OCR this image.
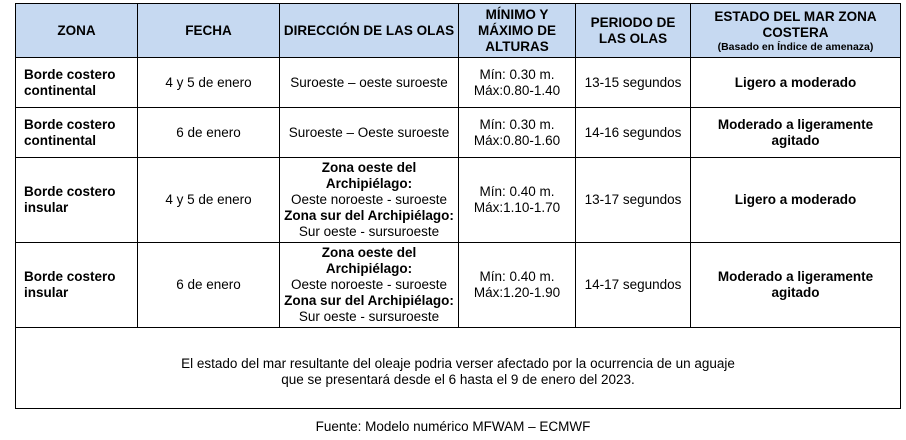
ZONA	FECHA	DIRECCIÓN DE LAS OLAS	MÍNIMO Y MÁXIMO DE ALTURAS	PERIODO DE LAS OLAS	ESTADO DEL MAR ZONA COSTERA
(Basado en Índice de amenaza)

Borde costero continental	4 y 5 de enero	Suroeste – oeste suroeste	Mín: 0.30 m.
Máx:0.80-1.40	13-15 segundos	Ligero a moderado
Borde costero continental	6 de enero	Suroeste – Oeste suroeste	Mín: 0.30 m.
Máx:0.80-1.60	14-16 segundos	Moderado a ligeramente agitado
Borde costero insular	4 y 5 de enero	Zona oeste del Archipiélago:
Oeste noroeste - suroeste
Zona sur del Archipiélago:
Sur oeste - sursuroeste	Mín: 0.40 m.
Máx:1.10-1.70	13-17 segundos	Ligero a moderado
Borde costero insular	6 de enero	Zona oeste del Archipiélago:
Oeste noroeste - suroeste
Zona sur del Archipiélago:
Sur oeste - sursuroeste	Mín: 0.40 m.
Máx:1.20-1.90	14-17 segundos	Moderado a ligeramente agitado

El estado del mar resultante del oleaje podria verser afectado por la ocurrencia de un aguaje
que se presentará desde el 6 hasta el 9 de enero del 2023.					
Fuente: Modelo numérico MFWAM – ECMWF
